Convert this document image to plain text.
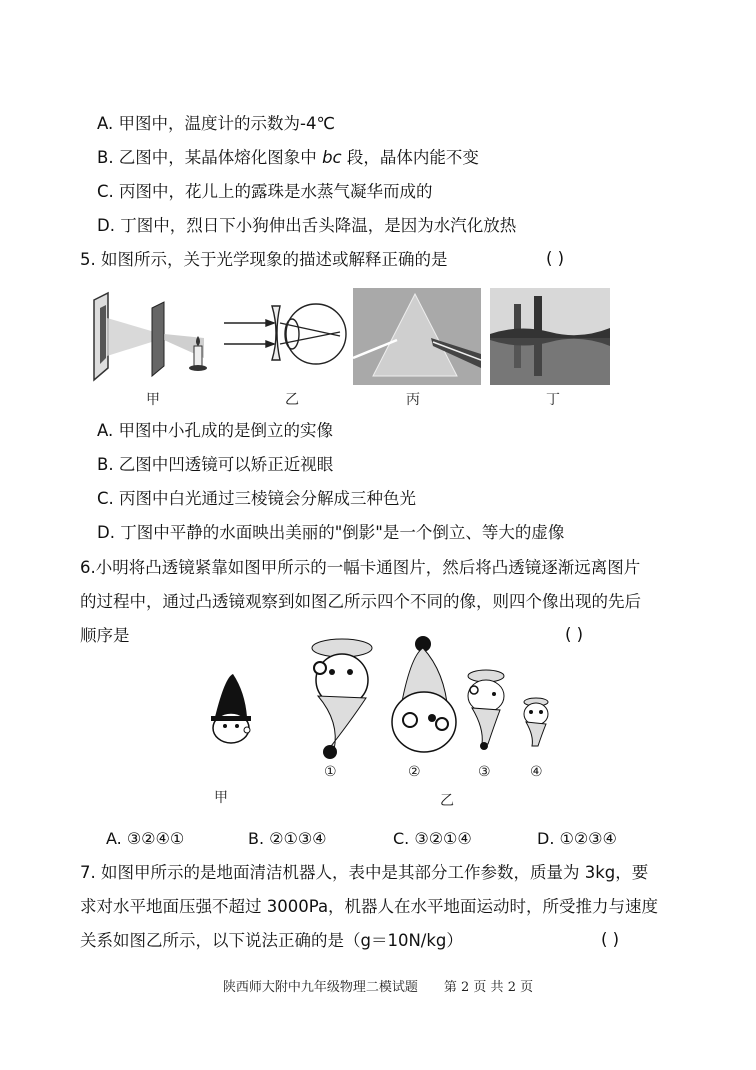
A. 甲图中，温度计的示数为-4℃
B. 乙图中，某晶体熔化图象中 bc 段，晶体内能不变
C. 丙图中，花儿上的露珠是水蒸气凝华而成的
D. 丁图中，烈日下小狗伸出舌头降温，是因为水汽化放热
5. 如图所示，关于光学现象的描述或解释正确的是	( )
甲	乙	丙	丁
A. 甲图中小孔成的是倒立的实像
B. 乙图中凹透镜可以矫正近视眼
C. 丙图中白光通过三棱镜会分解成三种色光
D. 丁图中平静的水面映出美丽的"倒影"是一个倒立、等大的虚像
6.小明将凸透镜紧靠如图甲所示的一幅卡通图片，然后将凸透镜逐渐远离图片
的过程中，通过凸透镜观察到如图乙所示四个不同的像，则四个像出现的先后
顺序是	( )
甲	乙
①	②	③	④
A. ③②④①	B. ②①③④	C. ③②①④	D. ①②③④
7. 如图甲所示的是地面清洁机器人，表中是其部分工作参数，质量为 3kg，要
求对水平地面压强不超过 3000Pa，机器人在水平地面运动时，所受推力与速度
关系如图乙所示，以下说法正确的是（g＝10N/kg）	( )
陕西师大附中九年级物理二模试题　　第 2 页 共 2 页
